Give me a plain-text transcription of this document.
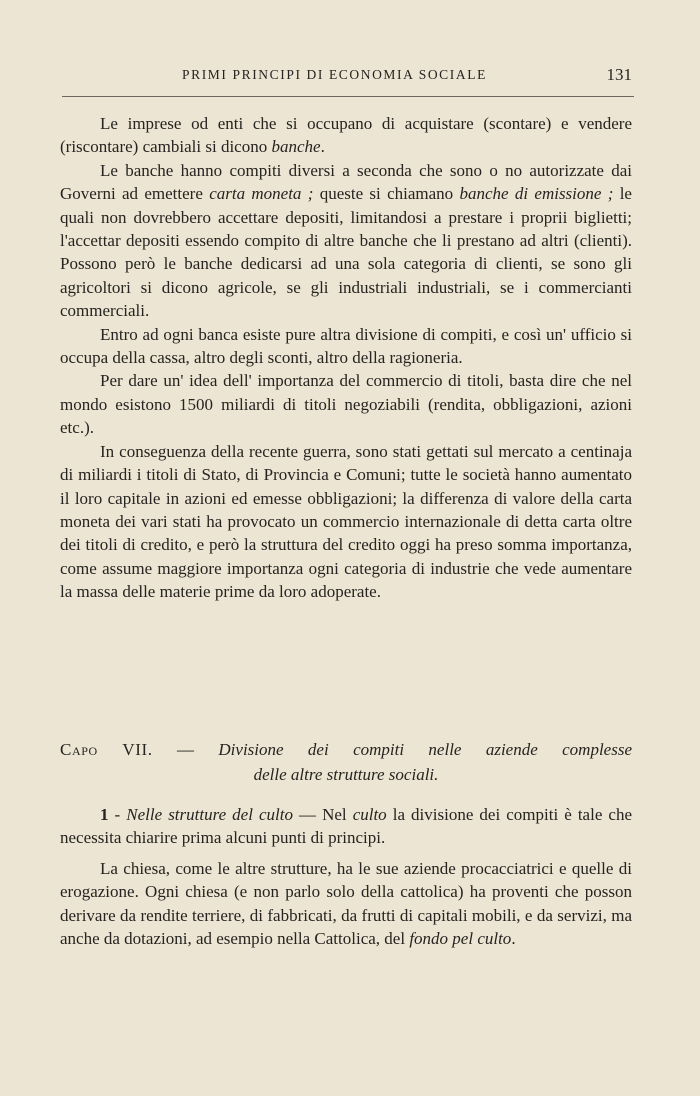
PRIMI PRINCIPI DI ECONOMIA SOCIALE	131

Le imprese od enti che si occupano di acquistare (scontare) e vendere (riscontare) cambiali si dicono banche.

Le banche hanno compiti diversi a seconda che sono o no autorizzate dai Governi ad emettere carta moneta ; queste si chiamano banche di emissione ; le quali non dovrebbero accettare depositi, limitandosi a prestare i proprii biglietti; l'accettar depositi essendo compito di altre banche che li prestano ad altri (clienti). Possono però le banche dedicarsi ad una sola categoria di clienti, se sono gli agricoltori si dicono agricole, se gli industriali industriali, se i commercianti commerciali.

Entro ad ogni banca esiste pure altra divisione di compiti, e così un' ufficio si occupa della cassa, altro degli sconti, altro della ragioneria.

Per dare un' idea dell' importanza del commercio di titoli, basta dire che nel mondo esistono 1500 miliardi di titoli negoziabili (rendita, obbligazioni, azioni etc.).

In conseguenza della recente guerra, sono stati gettati sul mercato a centinaja di miliardi i titoli di Stato, di Provincia e Comuni; tutte le società hanno aumentato il loro capitale in azioni ed emesse obbligazioni; la differenza di valore della carta moneta dei vari stati ha provocato un commercio internazionale di detta carta oltre dei titoli di credito, e però la struttura del credito oggi ha preso somma importanza, come assume maggiore importanza ogni categoria di industrie che vede aumentare la massa delle materie prime da loro adoperate.

Capo VII. — Divisione dei compiti nelle aziende complesse
delle altre strutture sociali.

1 - Nelle strutture del culto — Nel culto la divisione dei compiti è tale che necessita chiarire prima alcuni punti di principi.

La chiesa, come le altre strutture, ha le sue aziende procacciatrici e quelle di erogazione. Ogni chiesa (e non parlo solo della cattolica) ha proventi che posson derivare da rendite terriere, di fabbricati, da frutti di capitali mobili, e da servizi, ma anche da dotazioni, ad esempio nella Cattolica, del fondo pel culto.
